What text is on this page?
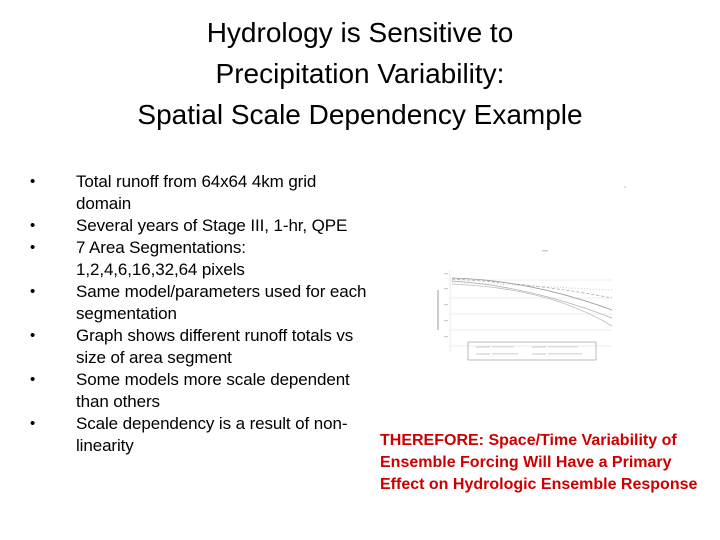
Hydrology is Sensitive to
Precipitation Variability:
Spatial Scale Dependency Example
• Total runoff from 64x64 4km grid domain
• Several years of Stage III, 1-hr, QPE
• 7 Area Segmentations: 1,2,4,6,16,32,64 pixels
• Same model/parameters used for each segmentation
• Graph shows different runoff totals vs size of area segment
• Some models more scale dependent than others
• Scale dependency is a result of non-linearity	THEREFORE: Space/Time Variability of Ensemble Forcing Will Have a Primary Effect on Hydrologic Ensemble Response
